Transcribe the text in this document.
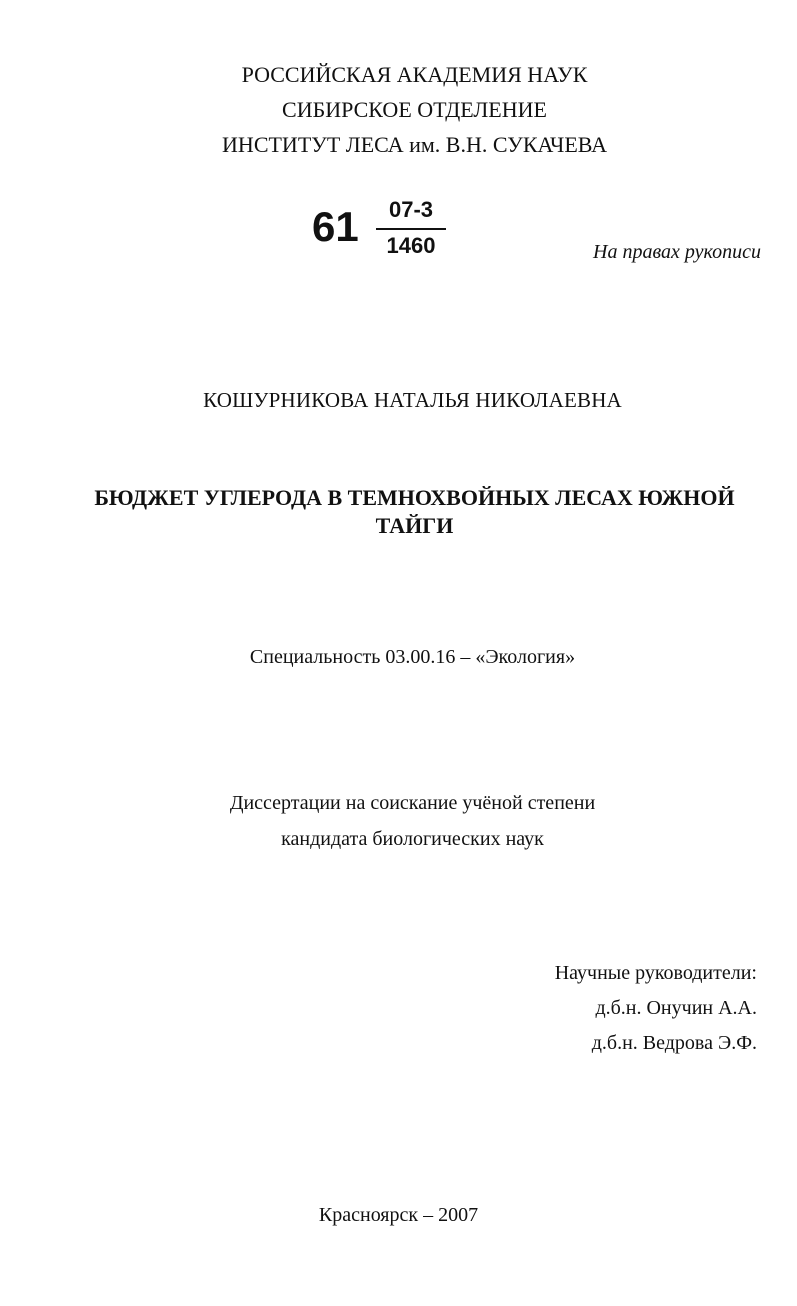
РОССИЙСКАЯ АКАДЕМИЯ НАУК
СИБИРСКОЕ ОТДЕЛЕНИЕ
ИНСТИТУТ ЛЕСА им. В.Н. СУКАЧЕВА
61	07-3
1460	На правах рукописи
КОШУРНИКОВА НАТАЛЬЯ НИКОЛАЕВНА
БЮДЖЕТ УГЛЕРОДА В ТЕМНОХВОЙНЫХ ЛЕСАХ ЮЖНОЙ
ТАЙГИ
Специальность 03.00.16 – «Экология»
Диссертации на соискание учёной степени
кандидата биологических наук
Научные руководители:
д.б.н. Онучин А.А.
д.б.н. Ведрова Э.Ф.
Красноярск – 2007
